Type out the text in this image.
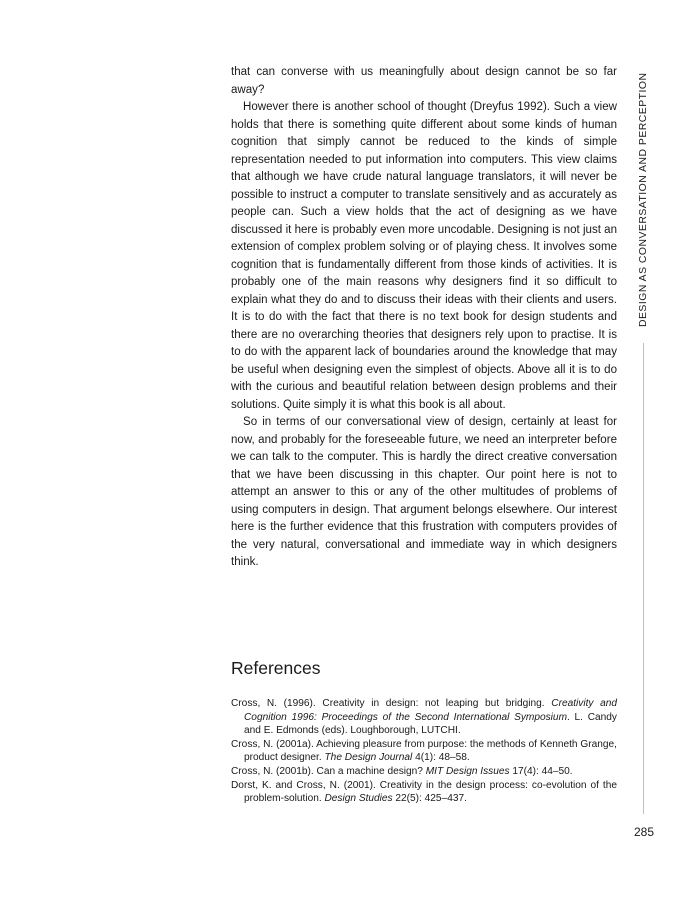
that can converse with us meaningfully about design cannot be so far away?

However there is another school of thought (Dreyfus 1992). Such a view holds that there is something quite different about some kinds of human cognition that simply cannot be reduced to the kinds of simple representation needed to put information into computers. This view claims that although we have crude natural language translators, it will never be possible to instruct a computer to translate sensitively and as accurately as people can. Such a view holds that the act of designing as we have discussed it here is probably even more uncodable. Designing is not just an extension of complex problem solving or of playing chess. It involves some cognition that is fundamentally different from those kinds of activities. It is probably one of the main reasons why designers find it so difficult to explain what they do and to discuss their ideas with their clients and users. It is to do with the fact that there is no text book for design students and there are no overarching theories that designers rely upon to practise. It is to do with the apparent lack of boundaries around the knowledge that may be useful when designing even the simplest of objects. Above all it is to do with the curious and beautiful relation between design problems and their solutions. Quite simply it is what this book is all about.

So in terms of our conversational view of design, certainly at least for now, and probably for the foreseeable future, we need an interpreter before we can talk to the computer. This is hardly the direct creative conversation that we have been discussing in this chapter. Our point here is not to attempt an answer to this or any of the other multitudes of problems of using computers in design. That argument belongs elsewhere. Our interest here is the further evidence that this frustration with computers provides of the very natural, conversational and immediate way in which designers think.

References

Cross, N. (1996). Creativity in design: not leaping but bridging. Creativity and Cognition 1996: Proceedings of the Second International Symposium. L. Candy and E. Edmonds (eds). Loughborough, LUTCHI.

Cross, N. (2001a). Achieving pleasure from purpose: the methods of Kenneth Grange, product designer. The Design Journal 4(1): 48–58.

Cross, N. (2001b). Can a machine design? MIT Design Issues 17(4): 44–50.

Dorst, K. and Cross, N. (2001). Creativity in the design process: co-evolution of the problem-solution. Design Studies 22(5): 425–437.

DESIGN AS CONVERSATION AND PERCEPTION
285
